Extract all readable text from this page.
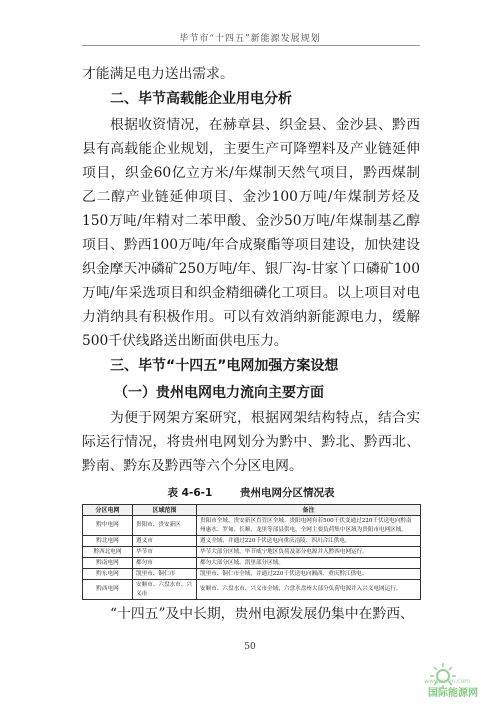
毕节市“十四五”新能源发展规划

才能满足电力送出需求。

二、毕节高载能企业用电分析

根据收资情况，在赫章县、织金县、金沙县、黔西县有高载能企业规划，主要生产可降塑料及产业链延伸项目，织金60亿立方米/年煤制天然气项目，黔西煤制乙二醇产业链延伸项目、金沙100万吨/年煤制芳烃及150万吨/年精对二苯甲酸、金沙50万吨/年煤制基乙醇项目、黔西100万吨/年合成聚酯等项目建设，加快建设织金摩天冲磷矿250万吨/年、银厂沟-甘家丫口磷矿100万吨/年采选项目和织金精细磷化工项目。以上项目对电力消纳具有积极作用。可以有效消纳新能源电力，缓解500千伏线路送出断面供电压力。

三、毕节“十四五”电网加强方案设想

（一）贵州电网电力流向主要方面

为便于网架方案研究，根据网架结构特点，结合实际运行情况，将贵州电网划分为黔中、黔北、黔西北、黔南、黔东及黔西等六个分区电网。

表 4-6-1	贵州电网分区情况表
分区电网	区域范围	备注
黔中电网	贵阳市、贵安新区	贵阳市全域、贵安新区直管区全域。贵阳电网有若500千伏变通过220千伏送电向黔南州惠水、罗甸、长顺、龙里等部县供电，全网主要负荷集中区域为贵阳市电网区域。
黔北电网	遵义市	遵义全域，并通过220千伏送电向重庆涪陵、四川合江供电。
黔西北电网	毕节市	毕节大部分区域，毕节威宁地区负荷及部分电源并入黔西电网运行。
黔南电网	都匀市	都匀大部分区域、凯里部分区域。
黔东电网	凯里市、铜仁市	凯里市、铜仁市全域，并通过220千伏送电向湘西、重庆黔江供电。
黔西电网	安顺市、六盘水市、兴义市	安顺市、六盘水市、兴义市全域，六盘水盘州大部分负荷电源并入兴义电网运行。

“十四五”及中长期，贵州电源发展仍集中在黔西、

50
www.in-en.com
国际能源网
